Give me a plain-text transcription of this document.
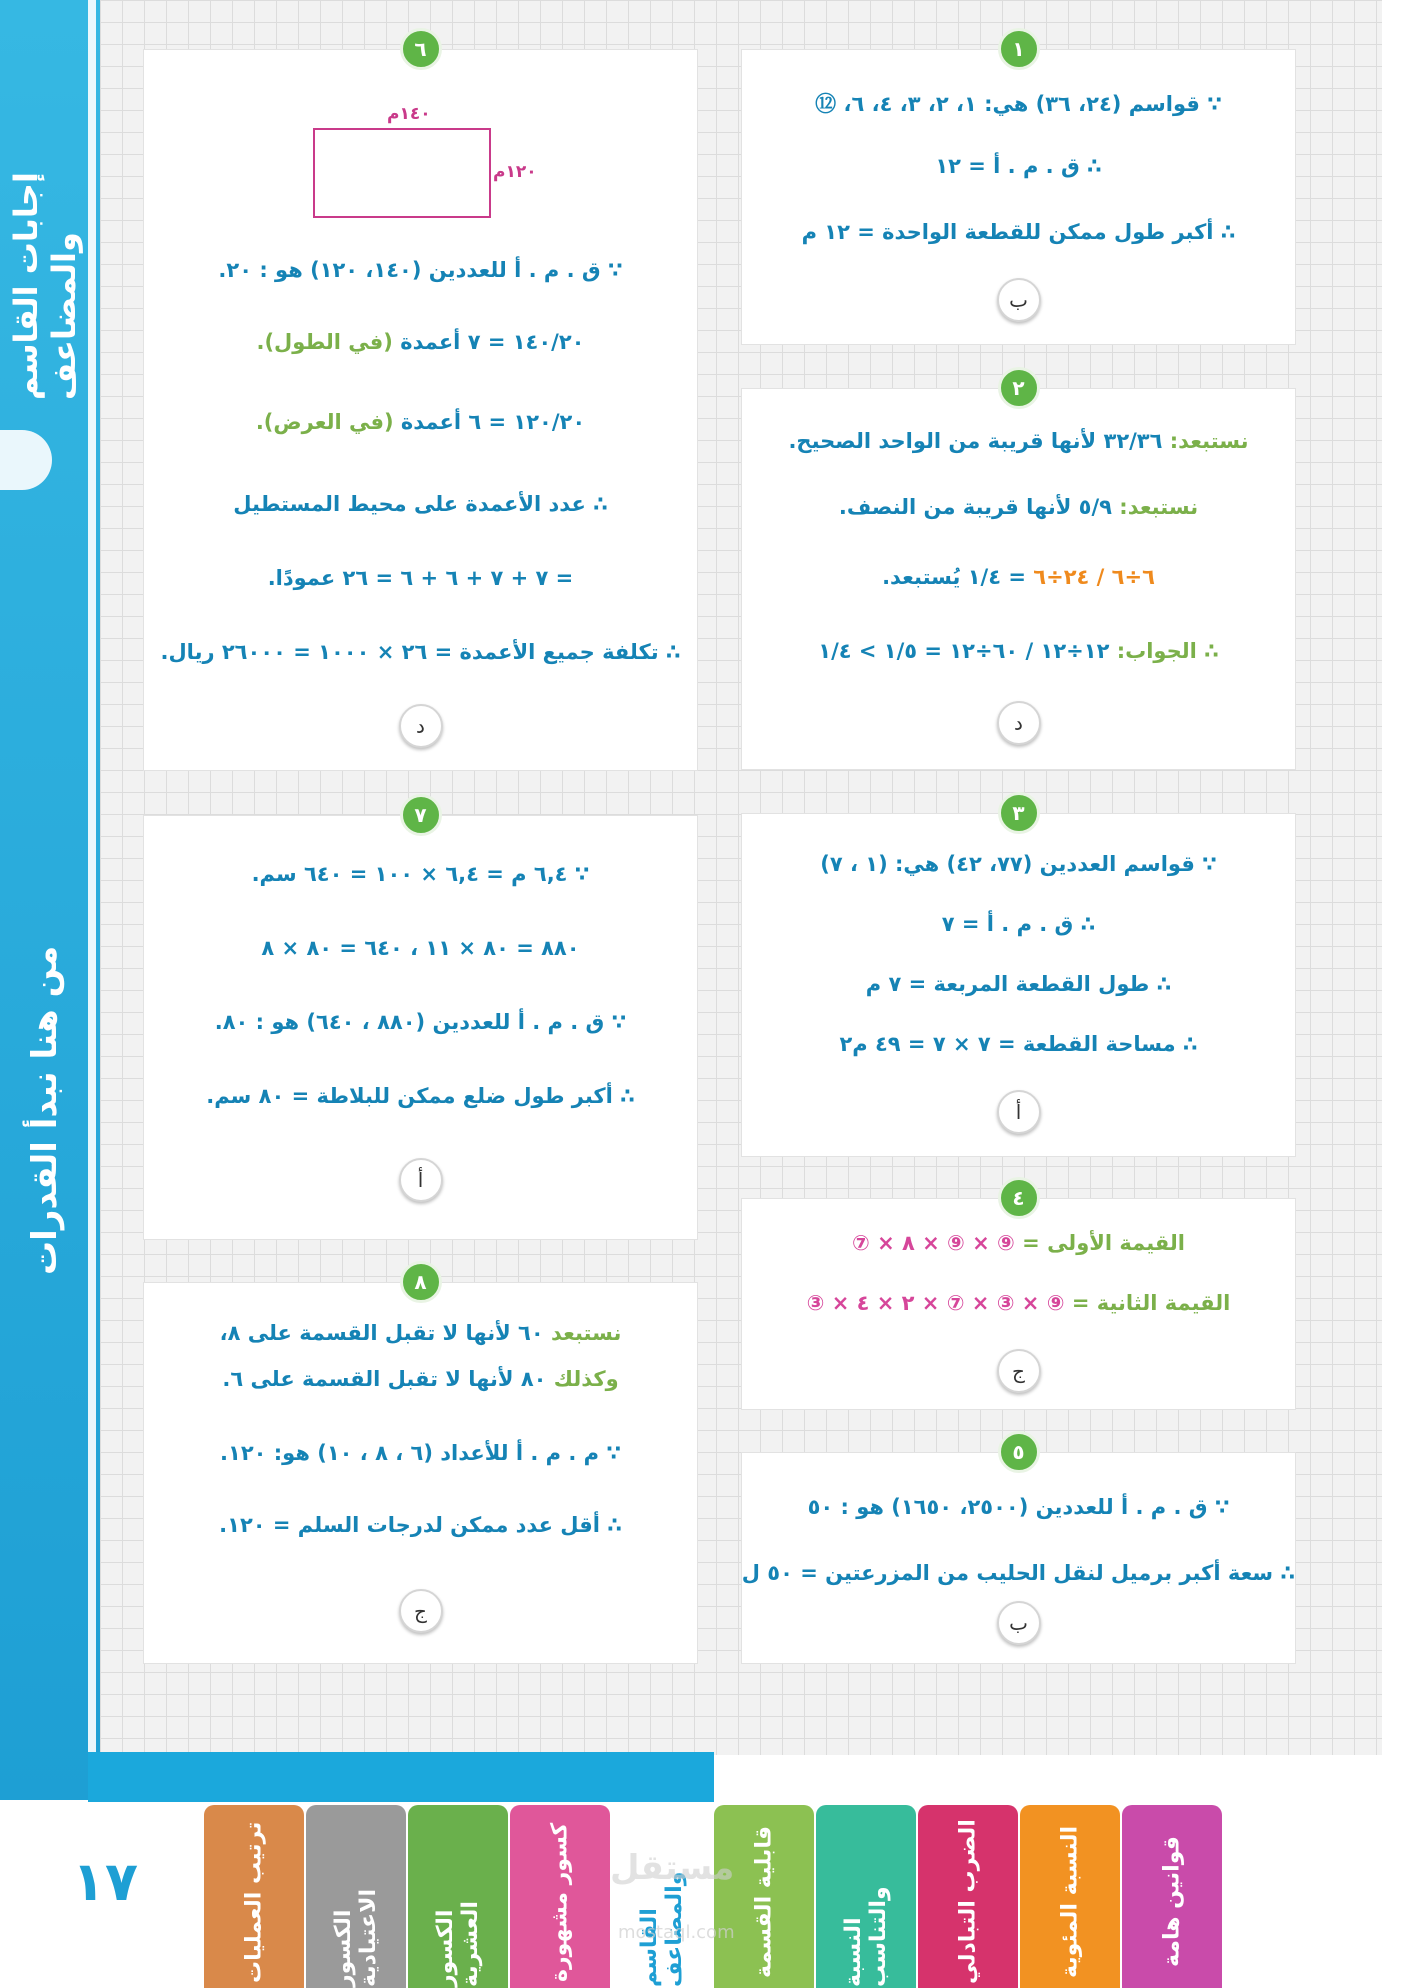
إجابات القاسم والمضاعف
من هنا نبدأ القدرات
١٧
١
∵ قواسم (٢٤، ٣٦) هي: ١، ٢، ٣، ٤، ٦، ⑫
∴ ق . م . أ = ١٢
∴ أكبر طول ممكن للقطعة الواحدة = ١٢ م
ب
٢
نستبعد: ٣٢/٣٦ لأنها قريبة من الواحد الصحيح.
نستبعد: ٥/٩ لأنها قريبة من النصف.
٦÷٦ / ٢٤÷٦ = ١/٤ يُستبعد.
∴ الجواب: ١٢÷١٢ / ٦٠÷١٢ = ١/٥ > ١/٤
د
٣
∵ قواسم العددين (٧٧، ٤٢) هي: (١ ، ٧)
∴ ق . م . أ = ٧
∴ طول القطعة المربعة = ٧ م
∴ مساحة القطعة = ٧ × ٧ = ٤٩ م٢
أ
٤
القيمة الأولى = ⑨ × ⑨ × ٨ × ⑦
القيمة الثانية = ⑨ × ③ × ⑦ × ٢ × ٤ × ③
ج
٥
∵ ق . م . أ للعددين (٢٥٠٠، ١٦٥٠) هو : ٥٠
∴ سعة أكبر برميل لنقل الحليب من المزرعتين = ٥٠ ل
ب
٦
١٤٠م
١٢٠م
∵ ق . م . أ للعددين (١٤٠، ١٢٠) هو : ٢٠.
١٤٠/٢٠ = ٧ أعمدة (في الطول).
١٢٠/٢٠ = ٦ أعمدة (في العرض).
∴ عدد الأعمدة على محيط المستطيل
= ٧ + ٧ + ٦ + ٦ = ٢٦ عمودًا.
∴ تكلفة جميع الأعمدة = ٢٦ × ١٠٠٠ = ٢٦٠٠٠ ريال.
د
٧
∵ ٦,٤ م = ٦,٤ × ١٠٠ = ٦٤٠ سم.
٨٨٠ = ٨٠ × ١١ ، ٦٤٠ = ٨٠ × ٨
∵ ق . م . أ للعددين (٨٨٠ ، ٦٤٠) هو : ٨٠.
∴ أكبر طول ضلع ممكن للبلاطة = ٨٠ سم.
أ
٨
نستبعد ٦٠ لأنها لا تقبل القسمة على ٨،
وكذلك ٨٠ لأنها لا تقبل القسمة على ٦.
∵ م . م . أ للأعداد (٦ ، ٨ ، ١٠) هو: ١٢٠.
∴ أقل عدد ممكن لدرجات السلم = ١٢٠.
ج
ترتيب العمليات	الكسور الاعتيادية	الكسور العشرية	كسور مشهورة	القاسم والمضاعف	قابلية القسمة	النسبة والتناسب	الضرب التبادلي	النسبة المئوية	قوانين هامة
مستقل
mostaql.com
